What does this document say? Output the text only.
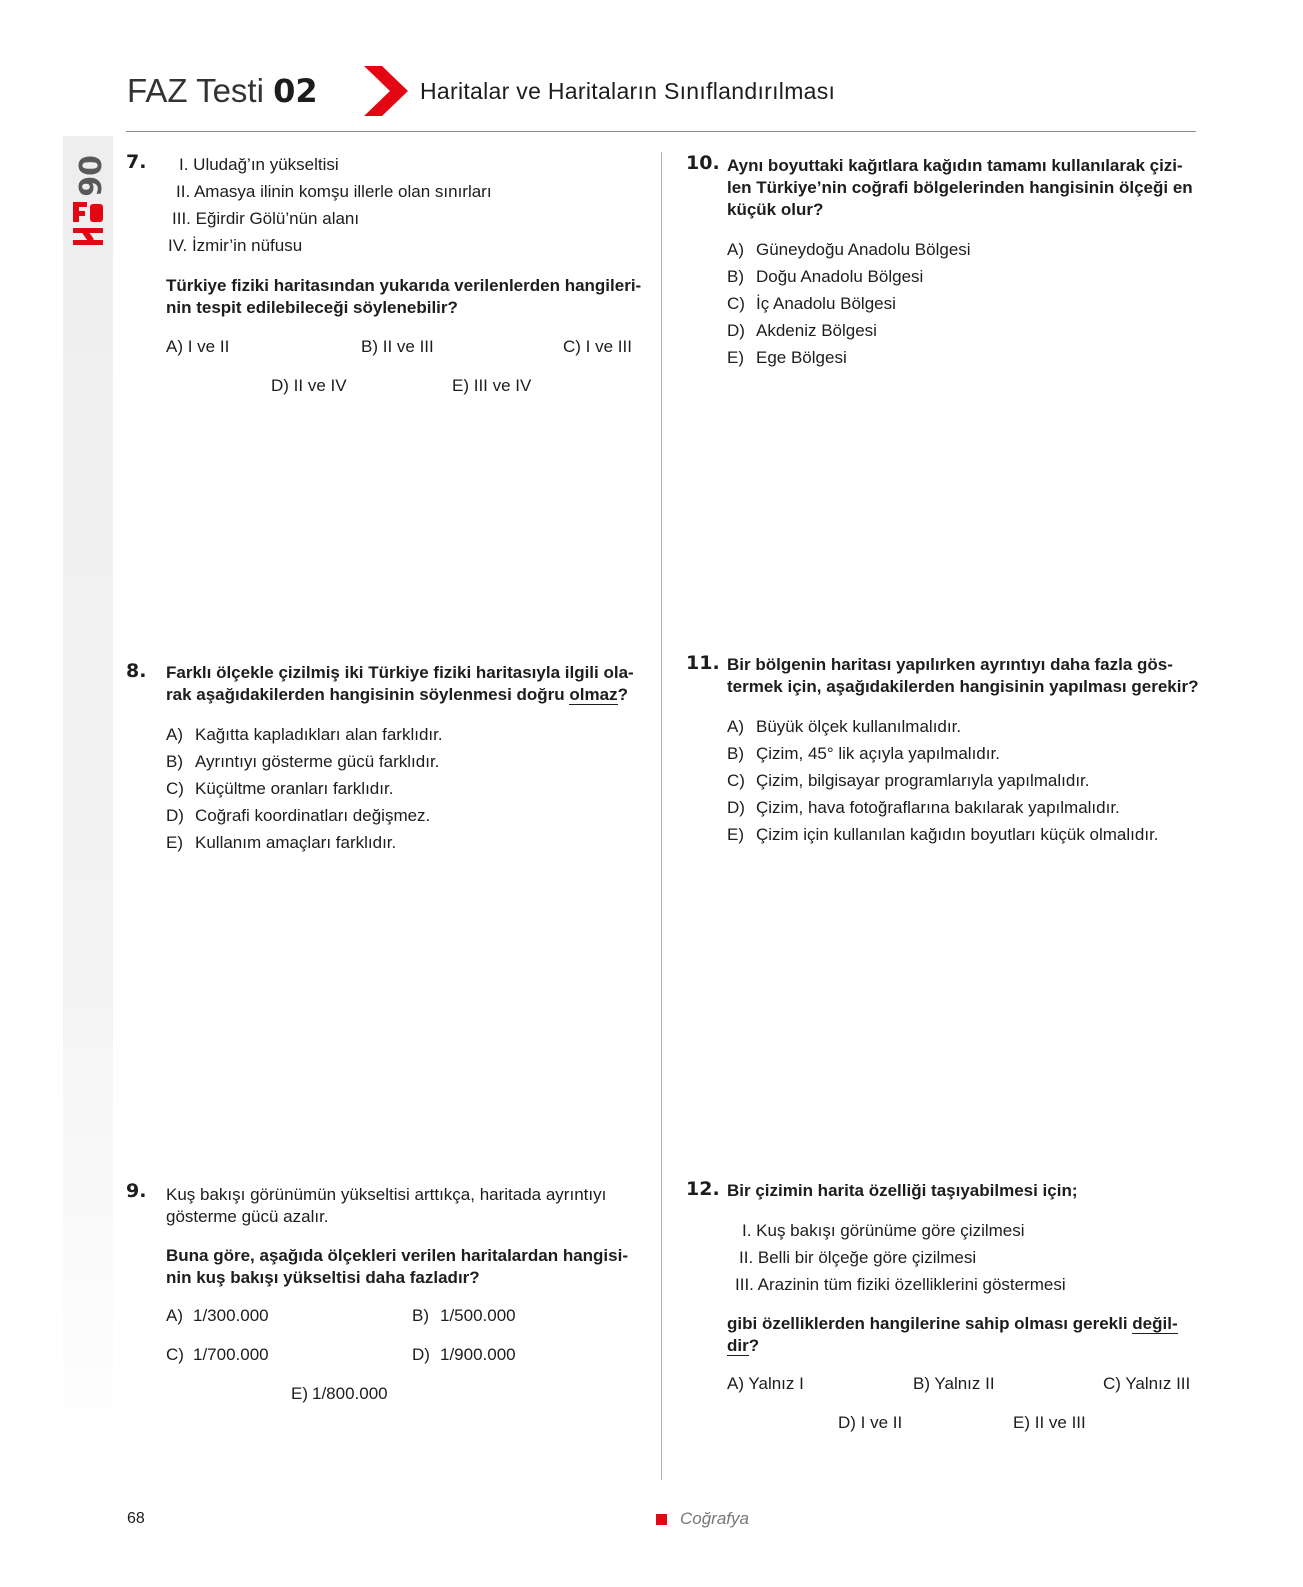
06
FAZ Testi 02	Haritalar ve Haritaların Sınıflandırılması
7. I. Uludağ’ın yükseltisi
II. Amasya ilinin komşu illerle olan sınırları
III. Eğirdir Gölü’nün alanı
IV. İzmir’in nüfusu
Türkiye fiziki haritasından yukarıda verilenlerden hangileri-
nin tespit edilebileceği söylenebilir?
A) I ve II	B) II ve III	C) I ve III
D) II ve IV	E) III ve IV
8. Farklı ölçekle çizilmiş iki Türkiye fiziki haritasıyla ilgili ola-
rak aşağıdakilerden hangisinin söylenmesi doğru olmaz?
A) Kağıtta kapladıkları alan farklıdır.
B) Ayrıntıyı gösterme gücü farklıdır.
C) Küçültme oranları farklıdır.
D) Coğrafi koordinatları değişmez.
E) Kullanım amaçları farklıdır.
9. Kuş bakışı görünümün yükseltisi arttıkça, haritada ayrıntıyı
gösterme gücü azalır.
Buna göre, aşağıda ölçekleri verilen haritalardan hangisi-
nin kuş bakışı yükseltisi daha fazladır?
A) 1/300.000	B) 1/500.000
C) 1/700.000	D) 1/900.000
E) 1/800.000
10. Aynı boyuttaki kağıtlara kağıdın tamamı kullanılarak çizi-
len Türkiye’nin coğrafi bölgelerinden hangisinin ölçeği en
küçük olur?
A) Güneydoğu Anadolu Bölgesi
B) Doğu Anadolu Bölgesi
C) İç Anadolu Bölgesi
D) Akdeniz Bölgesi
E) Ege Bölgesi
11. Bir bölgenin haritası yapılırken ayrıntıyı daha fazla gös-
termek için, aşağıdakilerden hangisinin yapılması gerekir?
A) Büyük ölçek kullanılmalıdır.
B) Çizim, 45° lik açıyla yapılmalıdır.
C) Çizim, bilgisayar programlarıyla yapılmalıdır.
D) Çizim, hava fotoğraflarına bakılarak yapılmalıdır.
E) Çizim için kullanılan kağıdın boyutları küçük olmalıdır.
12. Bir çizimin harita özelliği taşıyabilmesi için;
I. Kuş bakışı görünüme göre çizilmesi
II. Belli bir ölçeğe göre çizilmesi
III. Arazinin tüm fiziki özelliklerini göstermesi
gibi özelliklerden hangilerine sahip olması gerekli değil-
dir?
A) Yalnız I	B) Yalnız II	C) Yalnız III
D) I ve II	E) II ve III
68	Coğrafya
